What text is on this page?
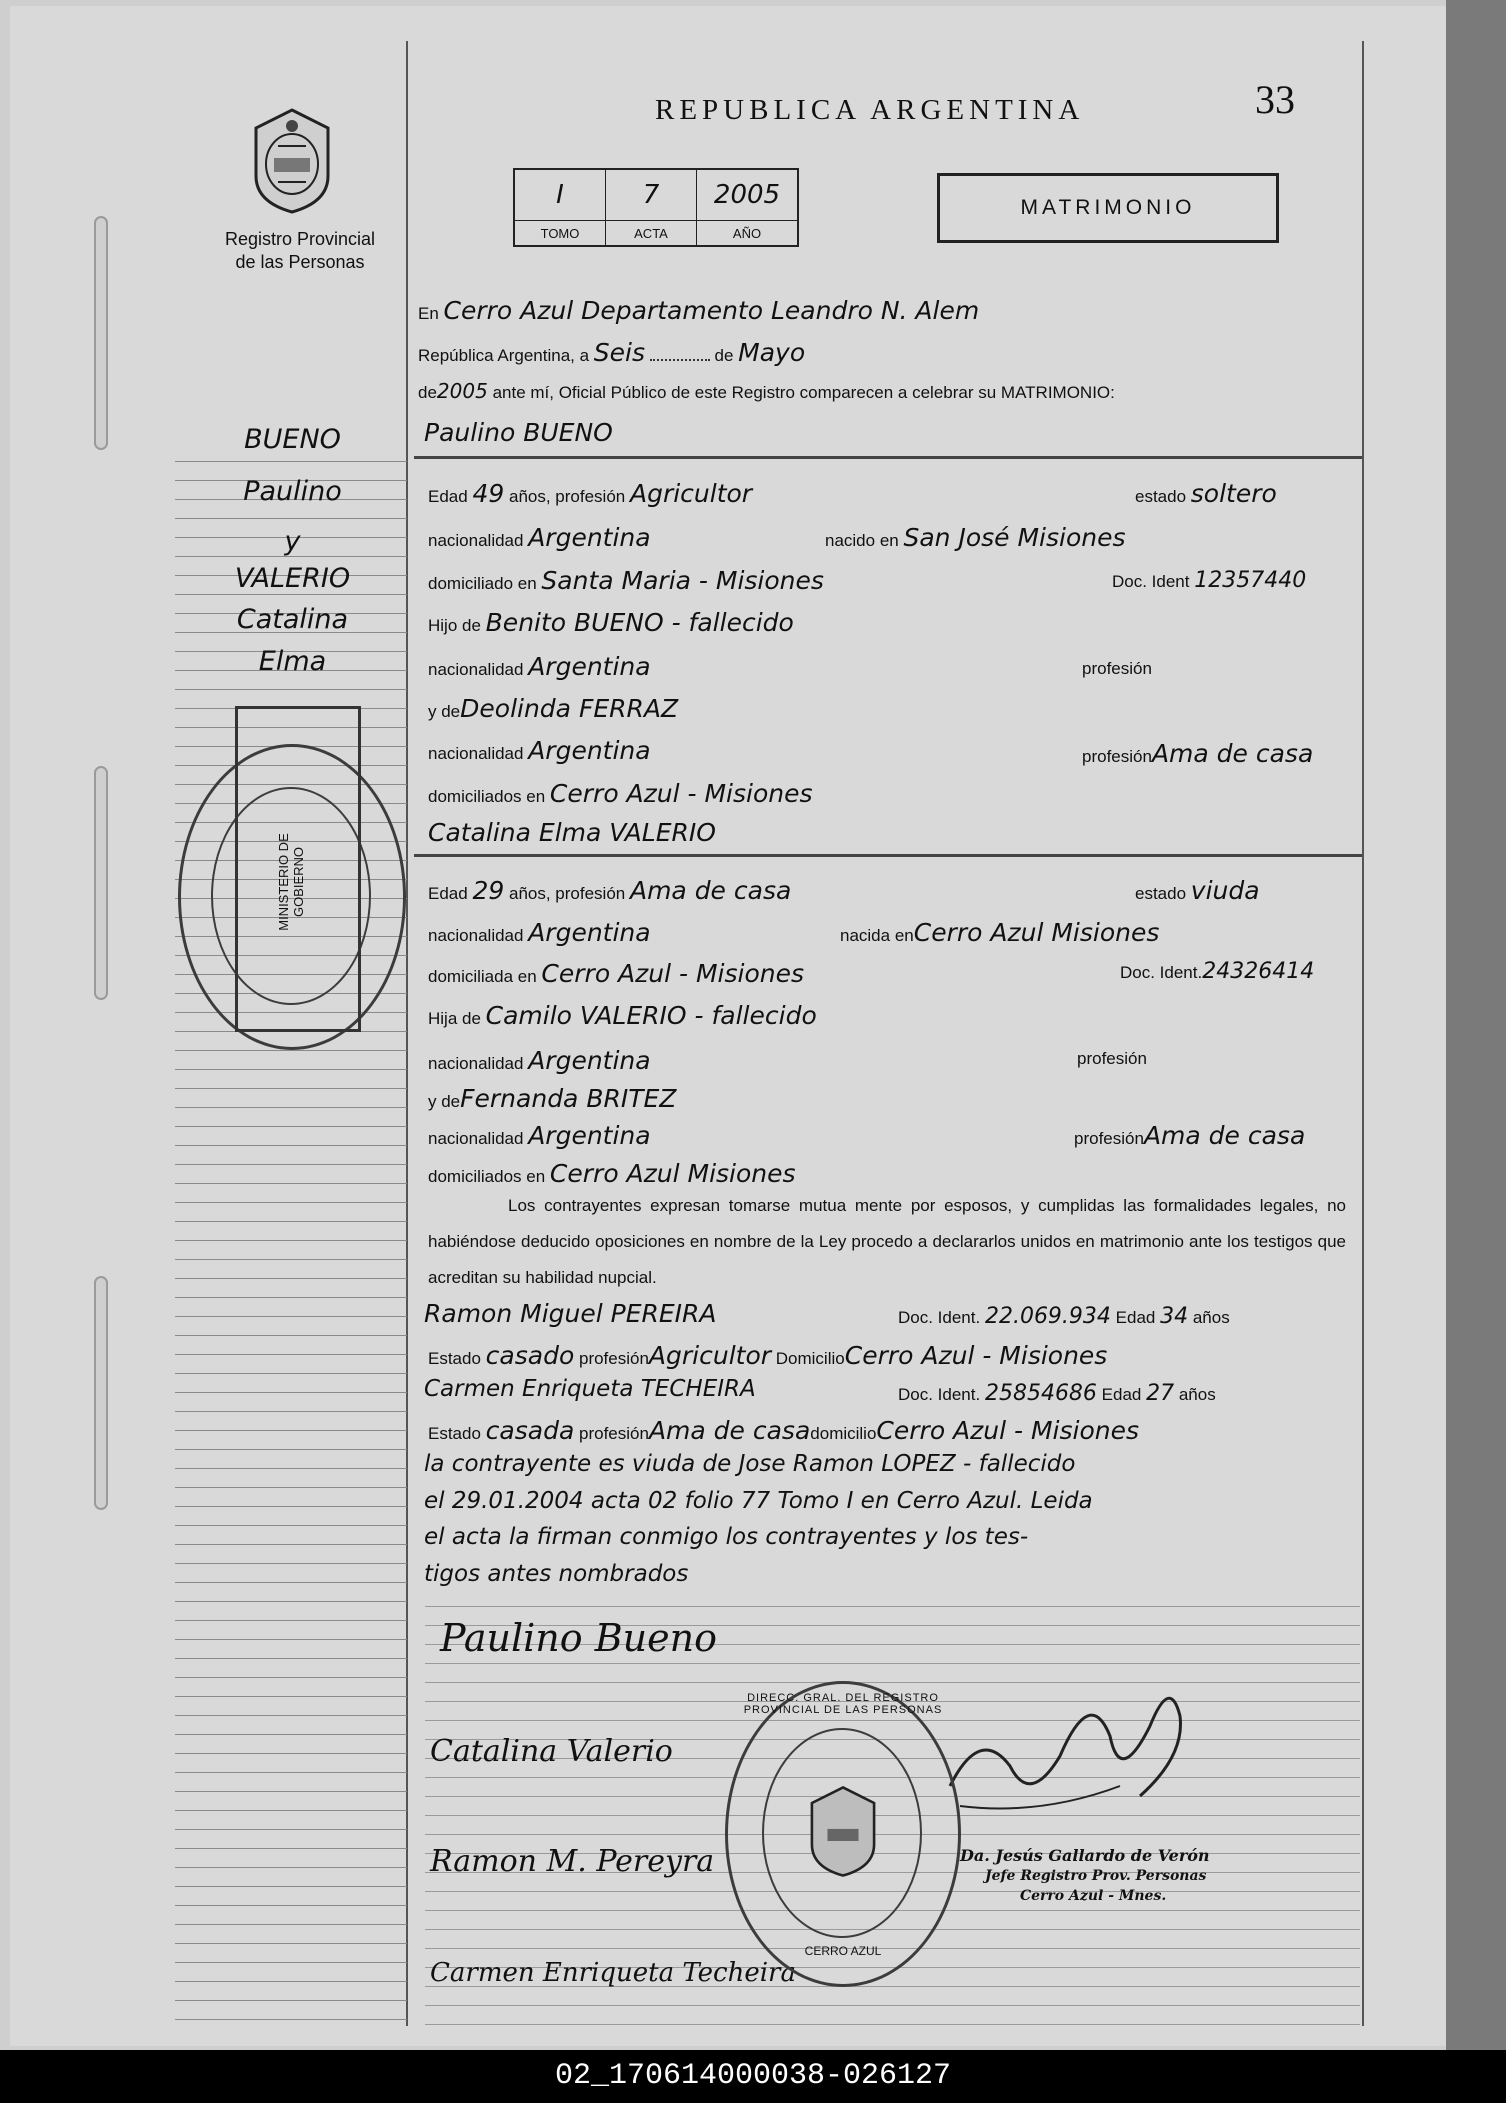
Registro Provincial
de las Personas
REPUBLICA ARGENTINA	33
I	7	2005
TOMO	ACTA	AÑO
MATRIMONIO
En Cerro Azul Departamento Leandro N. Alem
República Argentina, a Seis	de Mayo
de2005 ante mí, Oficial Público de este Registro comparecen a celebrar su MATRIMONIO:
BUENO
Paulino
y
VALERIO
Catalina
Elma
Paulino BUENO
Edad 49 años, profesión Agricultor	estado soltero
nacionalidad Argentina	nacido en San José Misiones
domiciliado en Santa Maria - Misiones	Doc. Ident 12357440
Hijo de Benito BUENO - fallecido
nacionalidad Argentina	profesión
y deDeolinda FERRAZ
nacionalidad Argentina	profesiónAma de casa
domiciliados en Cerro Azul - Misiones
Catalina Elma VALERIO
Edad 29 años, profesión Ama de casa	estado viuda
nacionalidad Argentina	nacida enCerro Azul Misiones
domiciliada en Cerro Azul - Misiones	Doc. Ident.24326414
Hija de Camilo VALERIO - fallecido
nacionalidad Argentina	profesión
y deFernanda BRITEZ
nacionalidad Argentina	profesiónAma de casa
domiciliados en Cerro Azul Misiones
Los contrayentes expresan tomarse mutua mente por esposos, y cumplidas las formalidades legales, no habiéndose deducido oposiciones en nombre de la Ley procedo a declararlos unidos en matrimonio ante los testigos que acreditan su habilidad nupcial.
Ramon Miguel PEREIRA	Doc. Ident. 22.069.934 Edad 34 años
Estado casado profesiónAgricultor DomicilioCerro Azul - Misiones
Carmen Enriqueta TECHEIRA	Doc. Ident. 25854686 Edad 27 años
Estado casada profesiónAma de casadomicilioCerro Azul - Misiones
la contrayente es viuda de Jose Ramon LOPEZ - fallecido
el 29.01.2004 acta 02 folio 77 Tomo I en Cerro Azul. Leida
el acta la firman conmigo los contrayentes y los tes-
tigos antes nombrados
Paulino Bueno
Catalina Valerio
Ramon M. Pereyra
Carmen Enriqueta Techeira
Da. Jesús Gallardo de Verón
Jefe Registro Prov. Personas
Cerro Azul - Mnes.
MINISTERIO DE GOBIERNO
DIRECC. GRAL. DEL REGISTRO PROVINCIAL DE LAS PERSONAS
CERRO AZUL
02_170614000038-026127
